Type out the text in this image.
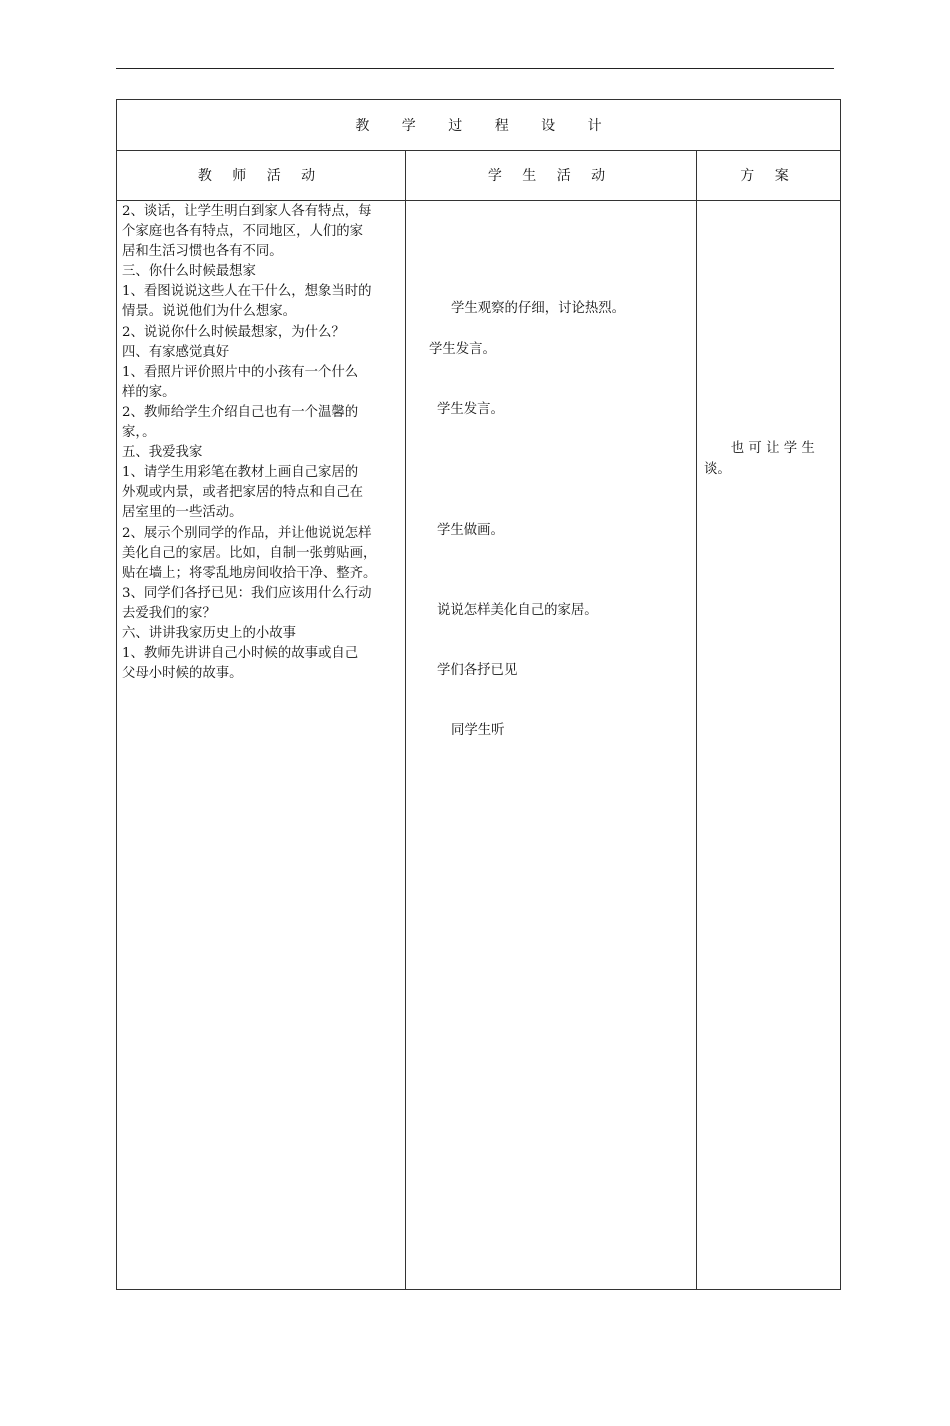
教 学 过 程 设 计
教 师 活 动	学 生 活 动	方 案
2、谈话，让学生明白到家人各有特点，每
个家庭也各有特点，不同地区，人们的家
居和生活习惯也各有不同。
三、你什么时候最想家
1、看图说说这些人在干什么，想象当时的
情景。说说他们为什么想家。
2、说说你什么时候最想家，为什么？
四、有家感觉真好
1、看照片评价照片中的小孩有一个什么
样的家。
2、教师给学生介绍自己也有一个温馨的
家，。
五、我爱我家
1、请学生用彩笔在教材上画自己家居的
外观或内景，或者把家居的特点和自己在
居室里的一些活动。
2、展示个别同学的作品，并让他说说怎样
美化自己的家居。比如，自制一张剪贴画，
贴在墙上；将零乱地房间收拾干净、整齐。
3、同学们各抒已见：我们应该用什么行动
去爱我们的家？
六、讲讲我家历史上的小故事
1、教师先讲讲自己小时候的故事或自己
父母小时候的故事。
学生观察的仔细，讨论热烈。
学生发言。
学生发言。
学生做画。
说说怎样美化自己的家居。
学们各抒已见
同学生听
　　也 可 让 学 生
谈。
